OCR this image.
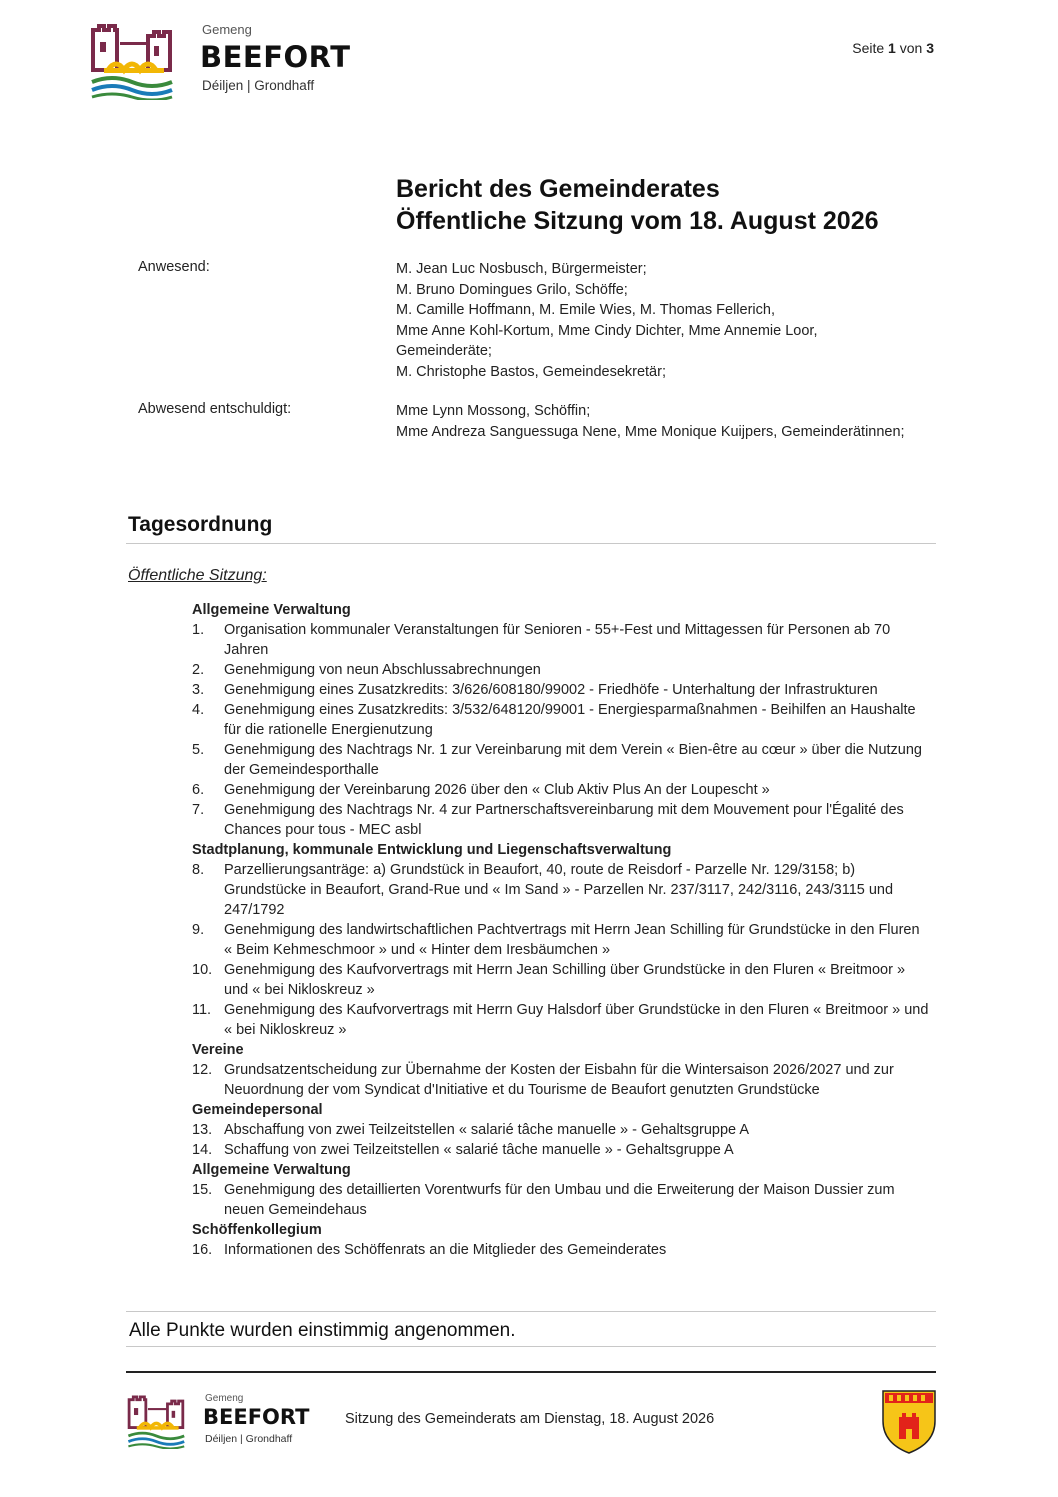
Gemeng
BEEFORT
Déiljen | Grondhaff
Seite 1 von 3
Bericht des Gemeinderates
Öffentliche Sitzung vom 18. August 2026
Anwesend:	M. Jean Luc Nosbusch, Bürgermeister;
M. Bruno Domingues Grilo, Schöffe;
M. Camille Hoffmann, M. Emile Wies, M. Thomas Fellerich,
Mme Anne Kohl-Kortum, Mme Cindy Dichter, Mme Annemie Loor,
Gemeinderäte;
M. Christophe Bastos, Gemeindesekretär;
Abwesend entschuldigt:	Mme Lynn Mossong, Schöffin;
Mme Andreza Sanguessuga Nene, Mme Monique Kuijpers, Gemeinderätinnen;
Tagesordnung
Öffentliche Sitzung:
Allgemeine Verwaltung
1.	Organisation kommunaler Veranstaltungen für Senioren - 55+-Fest und Mittagessen für Personen ab 70
Jahren
2.	Genehmigung von neun Abschlussabrechnungen
3.	Genehmigung eines Zusatzkredits: 3/626/608180/99002 - Friedhöfe - Unterhaltung der Infrastrukturen
4.	Genehmigung eines Zusatzkredits: 3/532/648120/99001 - Energiesparmaßnahmen - Beihilfen an Haushalte
für die rationelle Energienutzung
5.	Genehmigung des Nachtrags Nr. 1 zur Vereinbarung mit dem Verein « Bien-être au cœur » über die Nutzung
der Gemeindesporthalle
6.	Genehmigung der Vereinbarung 2026 über den « Club Aktiv Plus An der Loupescht »
7.	Genehmigung des Nachtrags Nr. 4 zur Partnerschaftsvereinbarung mit dem Mouvement pour l'Égalité des
Chances pour tous - MEC asbl
Stadtplanung, kommunale Entwicklung und Liegenschaftsverwaltung
8.	Parzellierungsanträge: a) Grundstück in Beaufort, 40, route de Reisdorf - Parzelle Nr. 129/3158; b)
Grundstücke in Beaufort, Grand-Rue und « Im Sand » - Parzellen Nr. 237/3117, 242/3116, 243/3115 und
247/1792
9.	Genehmigung des landwirtschaftlichen Pachtvertrags mit Herrn Jean Schilling für Grundstücke in den Fluren
« Beim Kehmeschmoor » und « Hinter dem Iresbäumchen »
10. Genehmigung des Kaufvorvertrags mit Herrn Jean Schilling über Grundstücke in den Fluren « Breitmoor »
und « bei Nikloskreuz »
11. Genehmigung des Kaufvorvertrags mit Herrn Guy Halsdorf über Grundstücke in den Fluren « Breitmoor » und
« bei Nikloskreuz »
Vereine
12. Grundsatzentscheidung zur Übernahme der Kosten der Eisbahn für die Wintersaison 2026/2027 und zur
Neuordnung der vom Syndicat d'Initiative et du Tourisme de Beaufort genutzten Grundstücke
Gemeindepersonal
13. Abschaffung von zwei Teilzeitstellen « salarié tâche manuelle » - Gehaltsgruppe A
14. Schaffung von zwei Teilzeitstellen « salarié tâche manuelle » - Gehaltsgruppe A
Allgemeine Verwaltung
15. Genehmigung des detaillierten Vorentwurfs für den Umbau und die Erweiterung der Maison Dussier zum
neuen Gemeindehaus
Schöffenkollegium
16. Informationen des Schöffenrats an die Mitglieder des Gemeinderates
Alle Punkte wurden einstimmig angenommen.
Gemeng
BEEFORT
Déiljen | Grondhaff
Sitzung des Gemeinderats am Dienstag, 18. August 2026
